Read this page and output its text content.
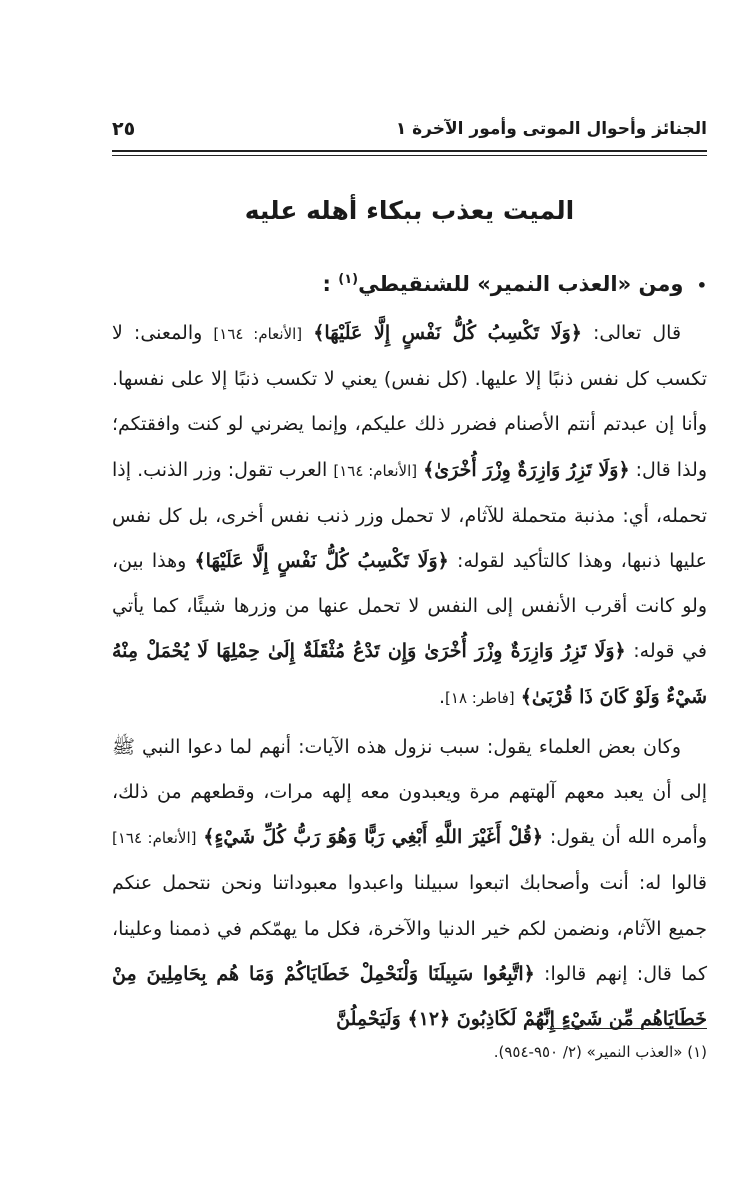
الجنائز وأحوال الموتى وأمور الآخرة ١
٢٥
الميت يعذب ببكاء أهله عليه
• ومن «العذب النمير» للشنقيطي$^{(١)}$ :

قال تعالى: ﴿وَلَا تَكْسِبُ كُلُّ نَفْسٍ إِلَّا عَلَيْهَا﴾ [الأنعام: ١٦٤] والمعنى: لا تكسب كل نفس ذنبًا إلا عليها. (كل نفس) يعني لا تكسب ذنبًا إلا على نفسها. وأنا إن عبدتم أنتم الأصنام فضرر ذلك عليكم، وإنما يضرني لو كنت وافقتكم؛ ولذا قال: ﴿وَلَا تَزِرُ وَازِرَةٌ وِزْرَ أُخْرَىٰ﴾ [الأنعام: ١٦٤] العرب تقول: وزر الذنب. إذا تحمله، أي: مذنبة متحملة للآثام، لا تحمل وزر ذنب نفس أخرى، بل كل نفس عليها ذنبها، وهذا كالتأكيد لقوله: ﴿وَلَا تَكْسِبُ كُلُّ نَفْسٍ إِلَّا عَلَيْهَا﴾ وهذا بين، ولو كانت أقرب الأنفس إلى النفس لا تحمل عنها من وزرها شيئًا، كما يأتي في قوله: ﴿وَلَا تَزِرُ وَازِرَةٌ وِزْرَ أُخْرَىٰ وَإِن تَدْعُ مُثْقَلَةٌ إِلَىٰ حِمْلِهَا لَا يُحْمَلْ مِنْهُ شَيْءٌ وَلَوْ كَانَ ذَا قُرْبَىٰ﴾ [فاطر: ١٨].

وكان بعض العلماء يقول: سبب نزول هذه الآيات: أنهم لما دعوا النبي ﷺ إلى أن يعبد معهم آلهتهم مرة ويعبدون معه إلهه مرات، وقطعهم من ذلك، وأمره الله أن يقول: ﴿قُلْ أَغَيْرَ اللَّهِ أَبْغِي رَبًّا وَهُوَ رَبُّ كُلِّ شَيْءٍ﴾ [الأنعام: ١٦٤] قالوا له: أنت وأصحابك اتبعوا سبيلنا واعبدوا معبوداتنا ونحن نتحمل عنكم جميع الآثام، ونضمن لكم خير الدنيا والآخرة، فكل ما يهمّكم في ذممنا وعلينا، كما قال: إنهم قالوا: ﴿اتَّبِعُوا سَبِيلَنَا وَلْنَحْمِلْ خَطَايَاكُمْ وَمَا هُم بِحَامِلِينَ مِنْ خَطَايَاهُم مِّن شَيْءٍ إِنَّهُمْ لَكَاذِبُونَ ﴿١٢﴾ وَلَيَحْمِلُنَّ

(١) «العذب النمير» (٢/ ٩٥٠-٩٥٤).
